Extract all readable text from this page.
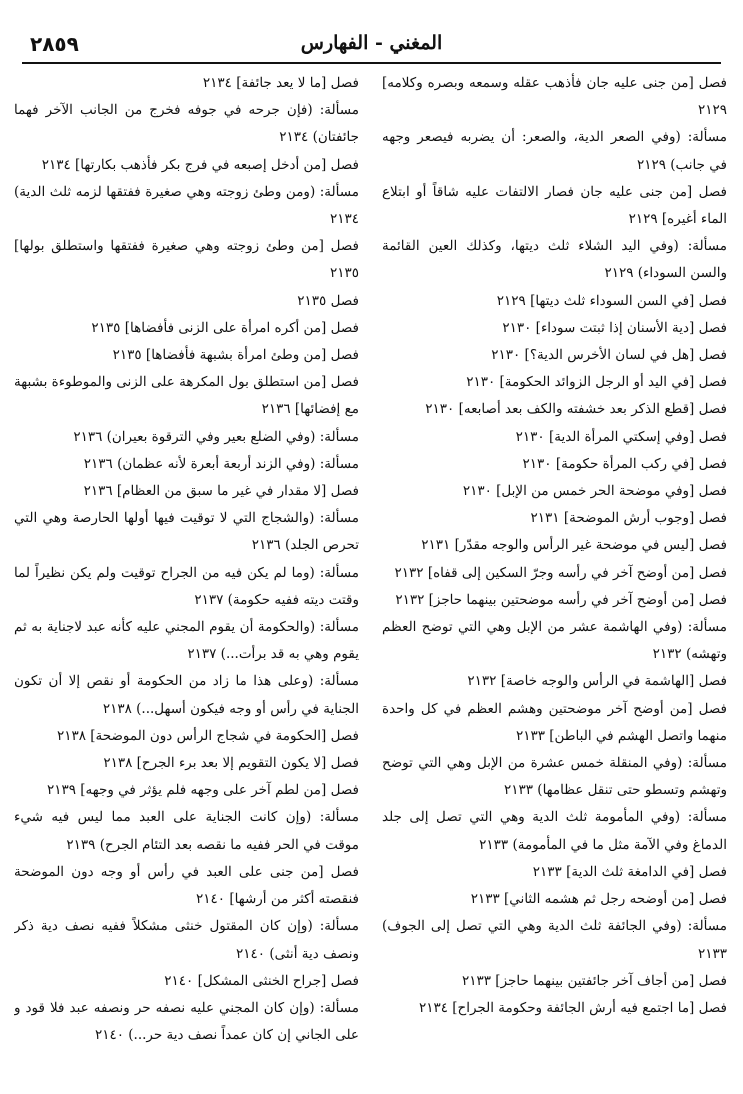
٢٨٥٩	المغني - الفهارس

فصل [من جنى عليه جان فأذهب عقله وسمعه وبصره وكلامه] ٢١٢٩

مسألة: (وفي الصعر الدية، والصعر: أن يضربه فيصعر وجهه في جانب) ٢١٢٩

فصل [من جنى عليه جان فصار الالتفات عليه شاقاً أو ابتلاع الماء أغيره] ٢١٢٩

مسألة: (وفي اليد الشلاء ثلث ديتها، وكذلك العين القائمة والسن السوداء) ٢١٢٩

فصل [في السن السوداء ثلث ديتها] ٢١٢٩

فصل [دية الأسنان إذا ثبتت سوداء] ٢١٣٠

فصل [هل في لسان الأخرس الدية؟] ٢١٣٠

فصل [في اليد أو الرجل الزوائد الحكومة] ٢١٣٠

فصل [قطع الذكر بعد خشفته والكف بعد أصابعه] ٢١٣٠

فصل [وفي إسكتي المرأة الدية] ٢١٣٠

فصل [في ركب المرأة حكومة] ٢١٣٠

فصل [وفي موضحة الحر خمس من الإبل] ٢١٣٠

فصل [وجوب أرش الموضحة] ٢١٣١

فصل [ليس في موضحة غير الرأس والوجه مقدّر] ٢١٣١

فصل [من أوضح آخر في رأسه وجرّ السكين إلى قفاه] ٢١٣٢

فصل [من أوضح آخر في رأسه موضحتين بينهما حاجز] ٢١٣٢

مسألة: (وفي الهاشمة عشر من الإبل وهي التي توضح العظم وتهشه) ٢١٣٢

فصل [الهاشمة في الرأس والوجه خاصة] ٢١٣٢

فصل [من أوضح آخر موضحتين وهشم العظم في كل واحدة منهما واتصل الهشم في الباطن] ٢١٣٣

مسألة: (وفي المنقلة خمس عشرة من الإبل وهي التي توضح وتهشم وتسطو حتى تنقل عظامها) ٢١٣٣

مسألة: (وفي المأمومة ثلث الدية وهي التي تصل إلى جلد الدماغ وفي الآمة مثل ما في المأمومة) ٢١٣٣

فصل [في الدامغة ثلث الدية] ٢١٣٣

فصل [من أوضحه رجل ثم هشمه الثاني] ٢١٣٣

مسألة: (وفي الجائفة ثلث الدية وهي التي تصل إلى الجوف) ٢١٣٣

فصل [من أجاف آخر جائفتين بينهما حاجز] ٢١٣٣

فصل [ما اجتمع فيه أرش الجائفة وحكومة الجراح] ٢١٣٤

فصل [ما لا يعد جائفة] ٢١٣٤

مسألة: (فإن جرحه في جوفه فخرج من الجانب الآخر فهما جائفتان) ٢١٣٤

فصل [من أدخل إصبعه في فرج بكر فأذهب بكارتها] ٢١٣٤

مسألة: (ومن وطئ زوجته وهي صغيرة ففتقها لزمه ثلث الدية) ٢١٣٤

فصل [من وطئ زوجته وهي صغيرة ففتقها واستطلق بولها] ٢١٣٥

فصل ٢١٣٥

فصل [من أكره امرأة على الزنى فأفضاها] ٢١٣٥

فصل [من وطئ امرأة بشبهة فأفضاها] ٢١٣٥

فصل [من استطلق بول المكرهة على الزنى والموطوءة بشبهة مع إفضائها] ٢١٣٦

مسألة: (وفي الضلع بعير وفي الترقوة بعيران) ٢١٣٦

مسألة: (وفي الزند أربعة أبعرة لأنه عظمان) ٢١٣٦

فصل [لا مقدار في غير ما سبق من العظام] ٢١٣٦

مسألة: (والشجاج التي لا توقيت فيها أولها الحارصة وهي التي تحرص الجلد) ٢١٣٦

مسألة: (وما لم يكن فيه من الجراح توقيت ولم يكن نظيراً لما وقتت ديته ففيه حكومة) ٢١٣٧

مسألة: (والحكومة أن يقوم المجني عليه كأنه عبد لاجناية به ثم يقوم وهي به قد برأت...) ٢١٣٧

مسألة: (وعلى هذا ما زاد من الحكومة أو نقص إلا أن تكون الجناية في رأس أو وجه فيكون أسهل...) ٢١٣٨

فصل [الحكومة في شجاج الرأس دون الموضحة] ٢١٣٨

فصل [لا يكون التقويم إلا بعد برء الجرح] ٢١٣٨

فصل [من لطم آخر على وجهه فلم يؤثر في وجهه] ٢١٣٩

مسألة: (وإن كانت الجناية على العبد مما ليس فيه شيء موقت في الحر ففيه ما نقصه بعد التئام الجرح) ٢١٣٩

فصل [من جنى على العبد في رأس أو وجه دون الموضحة فنقصته أكثر من أرشها] ٢١٤٠

مسألة: (وإن كان المقتول خنثى مشكلاً ففيه نصف دية ذكر ونصف دية أنثى) ٢١٤٠

فصل [جراح الخنثى المشكل] ٢١٤٠

مسألة: (وإن كان المجني عليه نصفه حر ونصفه عبد فلا قود و على الجاني إن كان عمداً نصف دية حر...) ٢١٤٠
